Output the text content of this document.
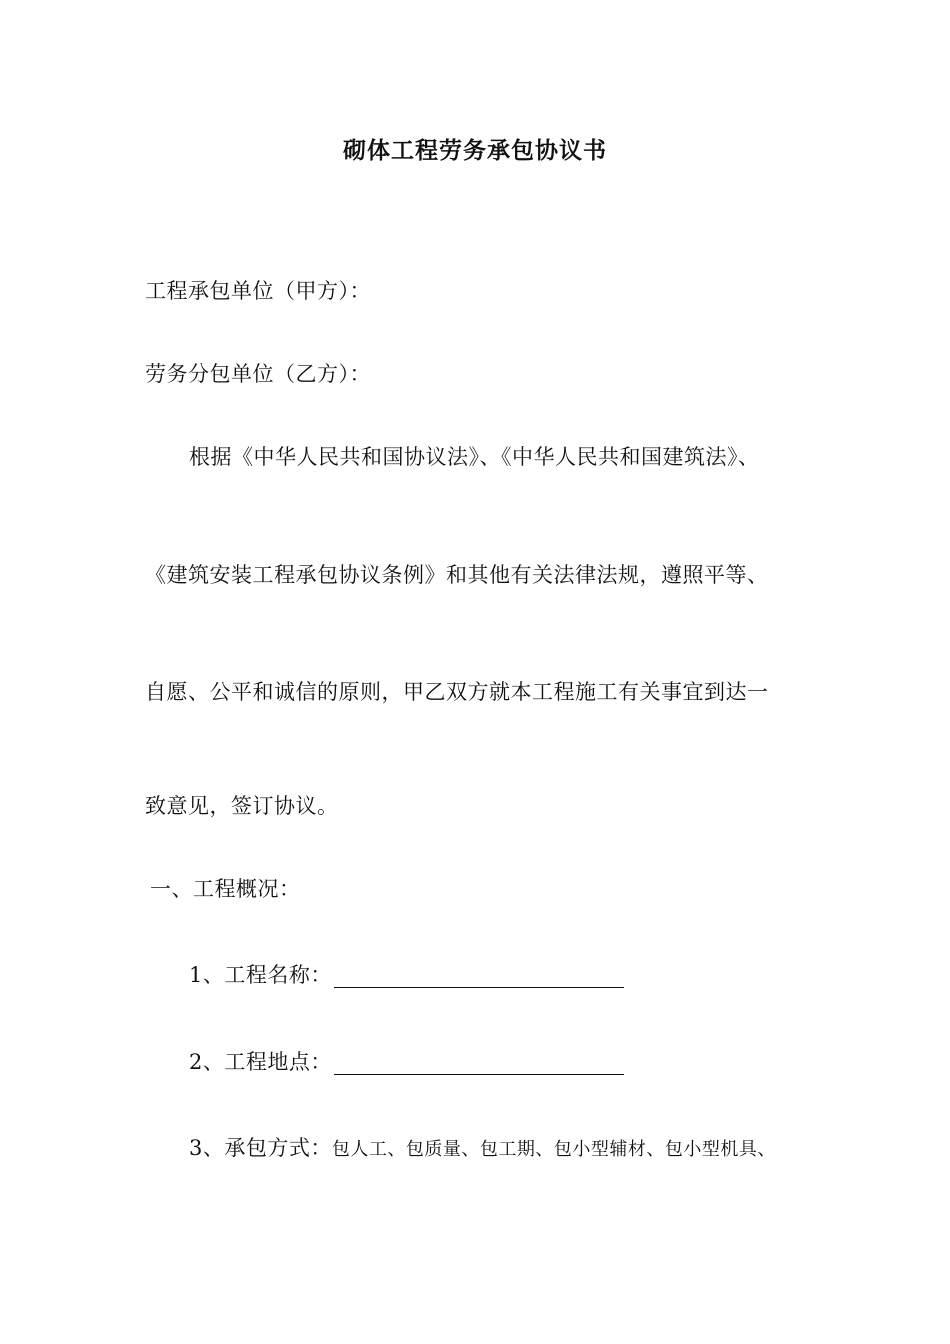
砌体工程劳务承包协议书
工程承包单位（甲方）：
劳务分包单位（乙方）：
根据《中华人民共和国协议法》、《中华人民共和国建筑法》、
《建筑安装工程承包协议条例》和其他有关法律法规，遵照平等、
自愿、公平和诚信的原则，甲乙双方就本工程施工有关事宜到达一
致意见，签订协议。
一、工程概况：
1、工程名称：
2、工程地点：
3、承包方式：包人工、包质量、包工期、包小型辅材、包小型机具、
